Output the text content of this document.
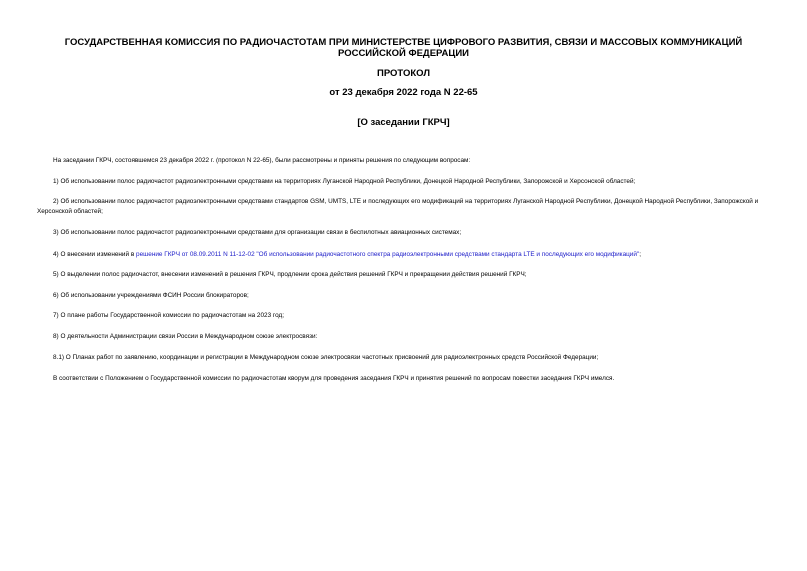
ГОСУДАРСТВЕННАЯ КОМИССИЯ ПО РАДИОЧАСТОТАМ ПРИ МИНИСТЕРСТВЕ ЦИФРОВОГО РАЗВИТИЯ, СВЯЗИ И МАССОВЫХ КОММУНИКАЦИЙ РОССИЙСКОЙ ФЕДЕРАЦИИ
ПРОТОКОЛ
от 23 декабря 2022 года N 22-65
[О заседании ГКРЧ]
На заседании ГКРЧ, состоявшемся 23 декабря 2022 г. (протокол N 22-65), были рассмотрены и приняты решения по следующим вопросам:
1) Об использовании полос радиочастот радиоэлектронными средствами на территориях Луганской Народной Республики, Донецкой Народной Республики, Запорожской и Херсонской областей;
2) Об использовании полос радиочастот радиоэлектронными средствами стандартов GSM, UMTS, LTE и последующих его модификаций на территориях Луганской Народной Республики, Донецкой Народной Республики, Запорожской и Херсонской областей;
3) Об использовании полос радиочастот радиоэлектронными средствами для организации связи в беспилотных авиационных системах;
4) О внесении изменений в решение ГКРЧ от 08.09.2011 N 11-12-02 "Об использовании радиочастотного спектра радиоэлектронными средствами стандарта LTE и последующих его модификаций";
5) О выделении полос радиочастот, внесении изменений в решения ГКРЧ, продлении срока действия решений ГКРЧ и прекращении действия решений ГКРЧ;
6) Об использовании учреждениями ФСИН России блокираторов;
7) О плане работы Государственной комиссии по радиочастотам на 2023 год;
8) О деятельности Администрации связи России в Международном союзе электросвязи:
8.1) О Планах работ по заявлению, координации и регистрации в Международном союзе электросвязи частотных присвоений для радиоэлектронных средств Российской Федерации;
В соответствии с Положением о Государственной комиссии по радиочастотам кворум для проведения заседания ГКРЧ и принятия решений по вопросам повестки заседания ГКРЧ имелся.
